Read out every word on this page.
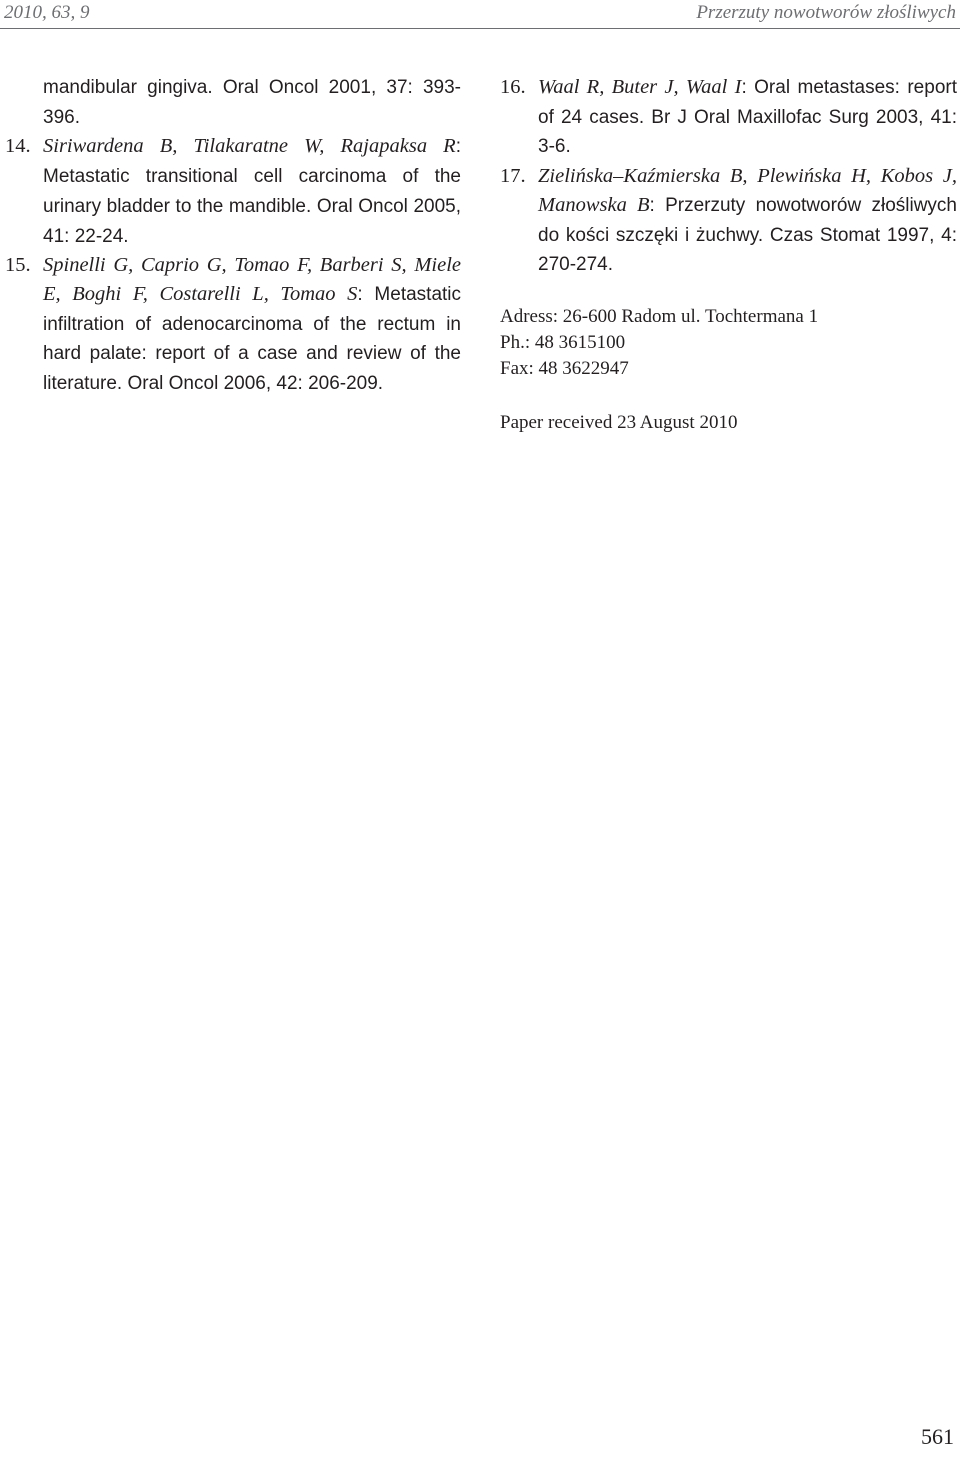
2010, 63, 9	Przerzuty nowotworów złośliwych

mandibular gingiva. Oral Oncol 2001, 37: 393-396.

14. Siriwardena B, Tilakaratne W, Rajapaksa R: Metastatic transitional cell carcinoma of the urinary bladder to the mandible. Oral Oncol 2005, 41: 22-24.

15. Spinelli G, Caprio G, Tomao F, Barberi S, Miele E, Boghi F, Costarelli L, Tomao S: Metastatic infiltration of adenocarcinoma of the rectum in hard palate: report of a case and review of the literature. Oral Oncol 2006, 42: 206-209.

16. Waal R, Buter J, Waal I: Oral metastases: report of 24 cases. Br J Oral Maxillofac Surg 2003, 41: 3-6.

17. Zielińska–Kaźmierska B, Plewińska H, Kobos J, Manowska B: Przerzuty nowotworów złośliwych do kości szczęki i żuchwy. Czas Stomat 1997, 4: 270-274.

Adress: 26-600 Radom ul. Tochtermana 1

Ph.: 48 3615100

Fax: 48 3622947

Paper received 23 August 2010
561
